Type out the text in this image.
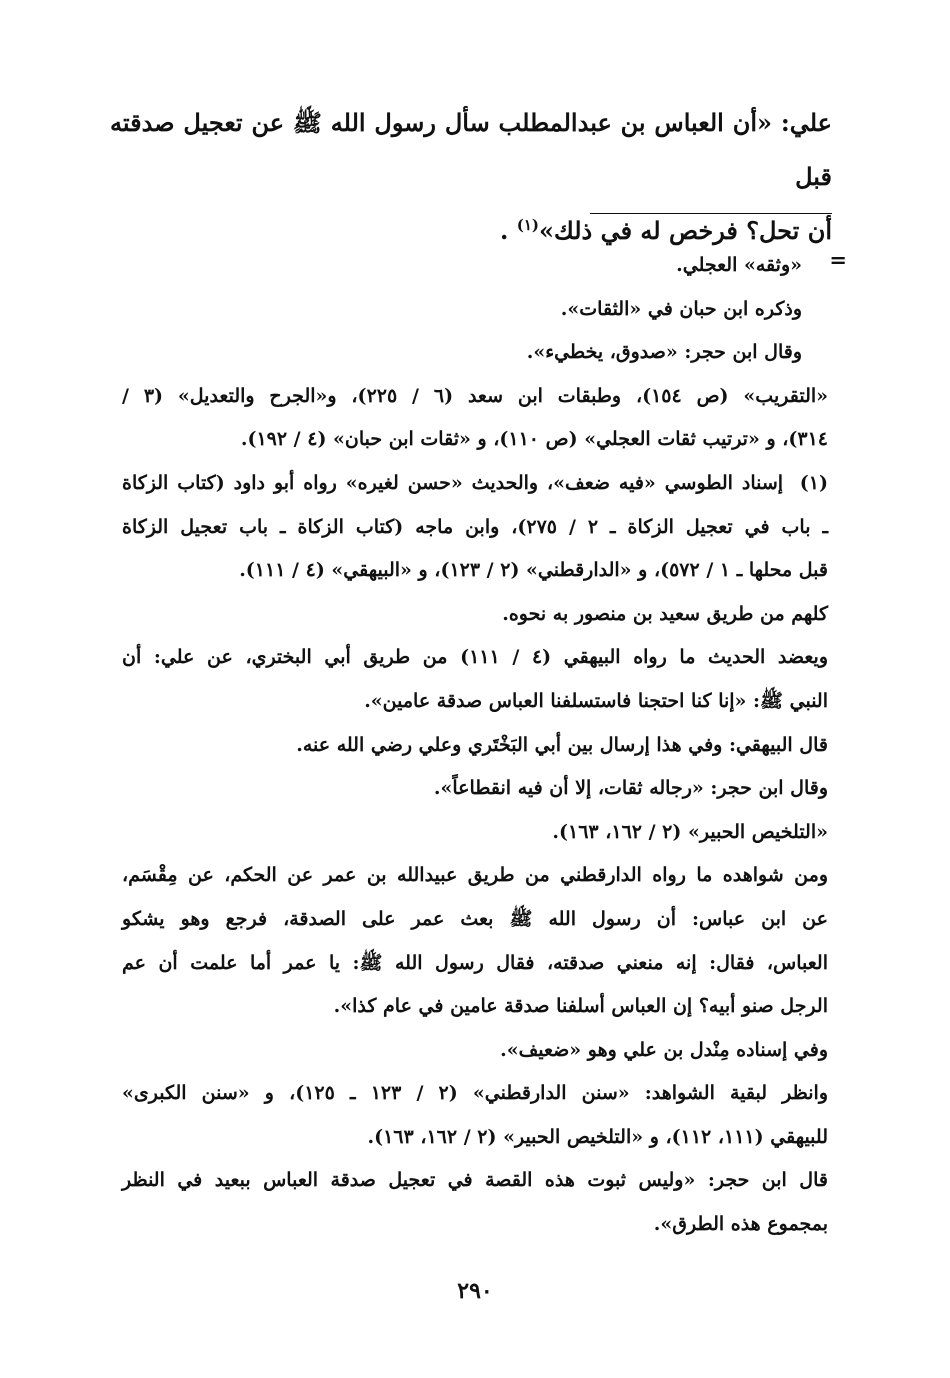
علي: «أن العباس بن عبدالمطلب سأل رسول الله ﷺ عن تعجيل صدقته قبل
أن تحل؟ فرخص له في ذلك»$^{(١)}$ .
=
«وثقه» العجلي.
وذكره ابن حبان في «الثقات».
وقال ابن حجر: «صدوق، يخطيء».
«التقريب» (ص ١٥٤)، وطبقات ابن سعد (٦ / ٢٢٥)، و«الجرح والتعديل» (٣ /
٣١٤)، و «ترتيب ثقات العجلي» (ص ١١٠)، و «ثقات ابن حبان» (٤ / ١٩٢).
(١) إسناد الطوسي «فيه ضعف»، والحديث «حسن لغيره» رواه أبو داود (كتاب الزكاة
ـ باب في تعجيل الزكاة ـ ٢ / ٢٧٥)، وابن ماجه (كتاب الزكاة ـ باب تعجيل الزكاة
قبل محلها ـ ١ / ٥٧٢)، و «الدارقطني» (٢ / ١٢٣)، و «البيهقي» (٤ / ١١١).
كلهم من طريق سعيد بن منصور به نحوه.
ويعضد الحديث ما رواه البيهقي (٤ / ١١١) من طريق أبي البختري، عن علي: أن
النبي ﷺ: «إنا كنا احتجنا فاستسلفنا العباس صدقة عامين».
قال البيهقي: وفي هذا إرسال بين أبي البَخْتَري وعلي رضي الله عنه.
وقال ابن حجر: «رجاله ثقات، إلا أن فيه انقطاعاً».
«التلخيص الحبير» (٢ / ١٦٢، ١٦٣).
ومن شواهده ما رواه الدارقطني من طريق عبيدالله بن عمر عن الحكم، عن مِقْسَم،
عن ابن عباس: أن رسول الله ﷺ بعث عمر على الصدقة، فرجع وهو يشكو
العباس، فقال: إنه منعني صدقته، فقال رسول الله ﷺ: يا عمر أما علمت أن عم
الرجل صنو أبيه؟ إن العباس أسلفنا صدقة عامين في عام كذا».
وفي إسناده مِنْدل بن علي وهو «ضعيف».
وانظر لبقية الشواهد: «سنن الدارقطني» (٢ / ١٢٣ ـ ١٢٥)، و «سنن الكبرى»
للبيهقي (١١١، ١١٢)، و «التلخيص الحبير» (٢ / ١٦٢، ١٦٣).
قال ابن حجر: «وليس ثبوت هذه القصة في تعجيل صدقة العباس ببعيد في النظر
بمجموع هذه الطرق».
٢٩٠
